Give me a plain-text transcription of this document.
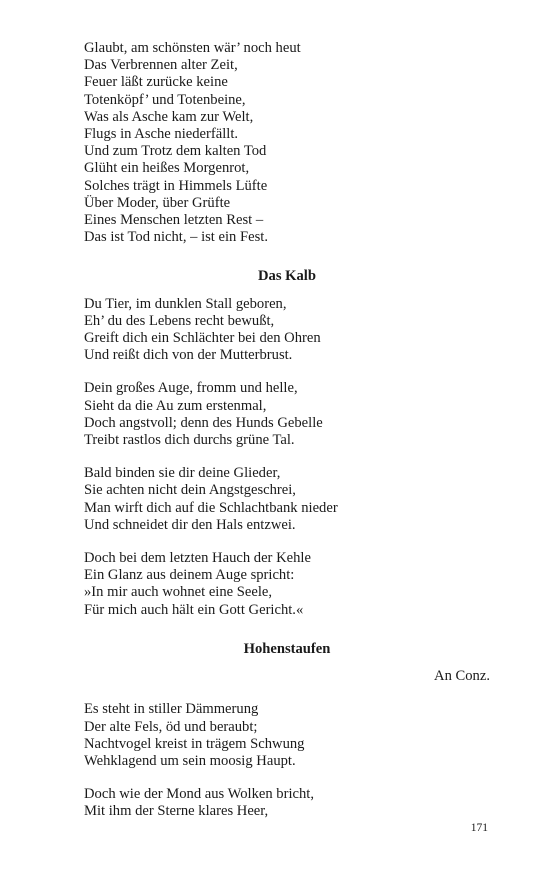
Glaubt, am schönsten wär’ noch heut
Das Verbrennen alter Zeit,
Feuer läßt zurücke keine
Totenköpf’ und Totenbeine,
Was als Asche kam zur Welt,
Flugs in Asche niederfällt.
Und zum Trotz dem kalten Tod
Glüht ein heißes Morgenrot,
Solches trägt in Himmels Lüfte
Über Moder, über Grüfte
Eines Menschen letzten Rest –
Das ist Tod nicht, – ist ein Fest.
Das Kalb
Du Tier, im dunklen Stall geboren,
Eh’ du des Lebens recht bewußt,
Greift dich ein Schlächter bei den Ohren
Und reißt dich von der Mutterbrust.
Dein großes Auge, fromm und helle,
Sieht da die Au zum erstenmal,
Doch angstvoll; denn des Hunds Gebelle
Treibt rastlos dich durchs grüne Tal.
Bald binden sie dir deine Glieder,
Sie achten nicht dein Angstgeschrei,
Man wirft dich auf die Schlachtbank nieder
Und schneidet dir den Hals entzwei.
Doch bei dem letzten Hauch der Kehle
Ein Glanz aus deinem Auge spricht:
»In mir auch wohnet eine Seele,
Für mich auch hält ein Gott Gericht.«
Hohenstaufen
An Conz.
Es steht in stiller Dämmerung
Der alte Fels, öd und beraubt;
Nachtvogel kreist in trägem Schwung
Wehklagend um sein moosig Haupt.
Doch wie der Mond aus Wolken bricht,
Mit ihm der Sterne klares Heer,
171
